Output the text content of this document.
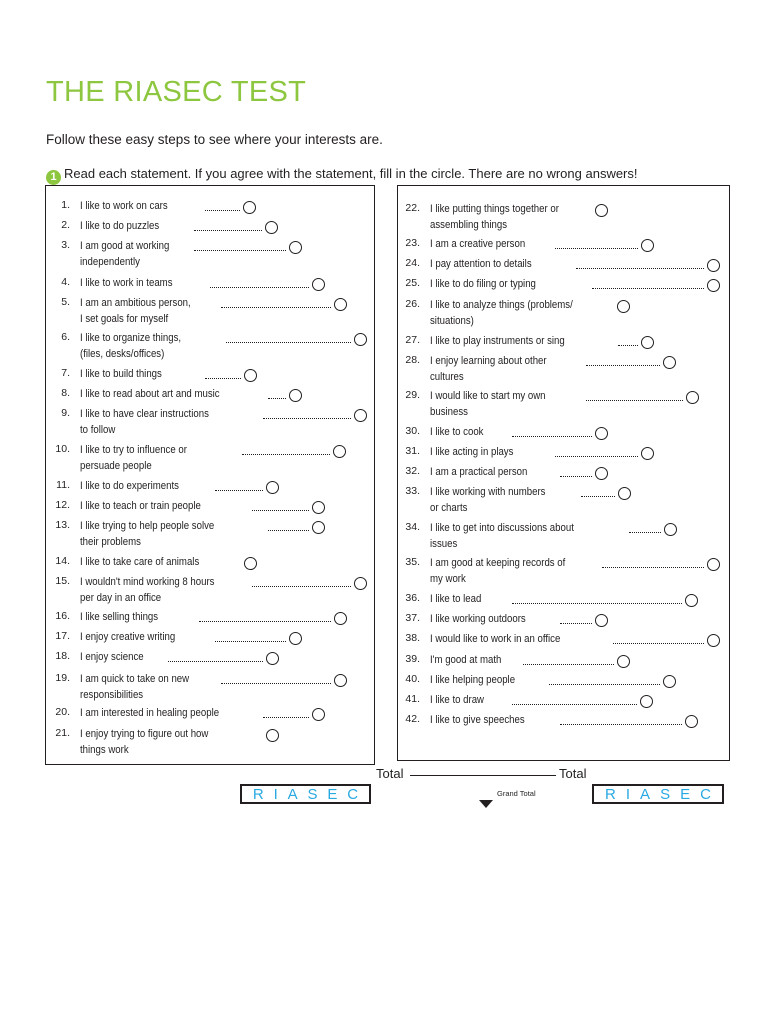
THE RIASEC TEST
Follow these easy steps to see where your interests are.
1 Read each statement. If you agree with the statement, fill in the circle. There are no wrong answers!
1. I like to work on cars
2. I like to do puzzles
3. I am good at working
independently
4. I like to work in teams
5. I am an ambitious person,
I set goals for myself
6. I like to organize things,
(files, desks/offices)
7. I like to build things
8. I like to read about art and music
9. I like to have clear instructions
to follow
10. I like to try to influence or
persuade people
11. I like to do experiments
12. I like to teach or train people
13. I like trying to help people solve
their problems
14. I like to take care of animals
15. I wouldn't mind working 8 hours
per day in an office
16. I like selling things
17. I enjoy creative writing
18. I enjoy science
19. I am quick to take on new
responsibilities
20. I am interested in healing people
21. I enjoy trying to figure out how
things work
22. I like putting things together or
assembling things
23. I am a creative person
24. I pay attention to details
25. I like to do filing or typing
26. I like to analyze things (problems/
situations)
27. I like to play instruments or sing
28. I enjoy learning about other
cultures
29. I would like to start my own
business
30. I like to cook
31. I like acting in plays
32. I am a practical person
33. I like working with numbers
or charts
34. I like to get into discussions about
issues
35. I am good at keeping records of
my work
36. I like to lead
37. I like working outdoors
38. I would like to work in an office
39. I'm good at math
40. I like helping people
41. I like to draw
42. I like to give speeches
Total	Total
R I A S E C	Grand Total	R I A S E C
